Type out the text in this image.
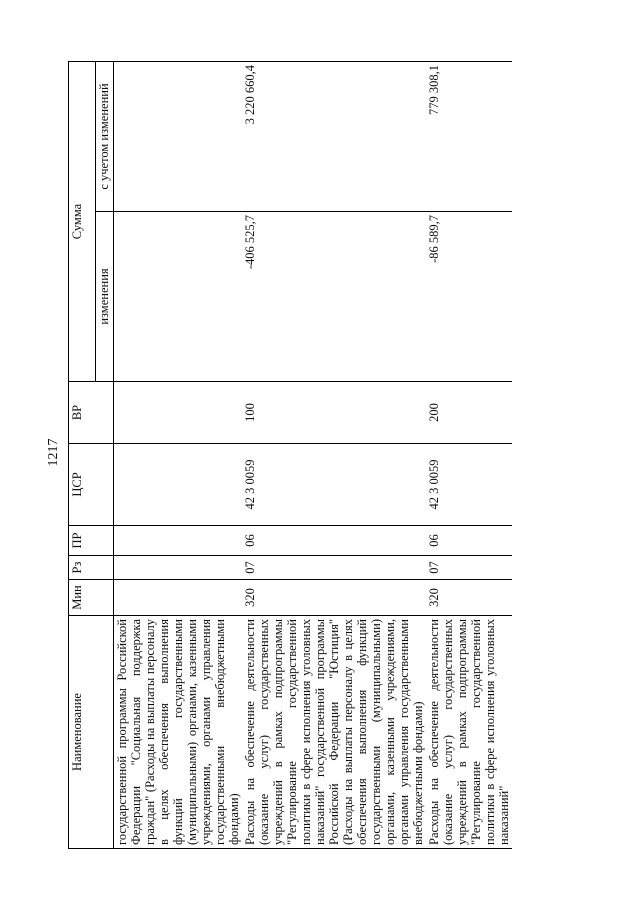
1217
Наименование	Мин	Рз	ПР	ЦСР	ВР	Сумма	
						изменения	с учетом изменений
государственной программы Российской Федерации "Социальная поддержка граждан" (Расходы на выплаты персоналу в целях обеспечения выполнения функций государственными (муниципальными) органами, казенными учреждениями, органами управления государственными внебюджетными фондами)							
Расходы на обеспечение деятельности (оказание услуг) государственных учреждений в рамках подпрограммы "Регулирование государственной политики в сфере исполнения уголовных наказаний" государственной программы Российской Федерации "Юстиция" (Расходы на выплаты персоналу в целях обеспечения выполнения функций государственными (муниципальными) органами, казенными учреждениями, органами управления государственными внебюджетными фондами)	320	07	06	42 3 0059	100	-406 525,7	3 220 660,4
Расходы на обеспечение деятельности (оказание услуг) государственных учреждений в рамках подпрограммы "Регулирование государственной политики в сфере исполнения уголовных наказаний"	320	07	06	42 3 0059	200	-86 589,7	779 308,1
